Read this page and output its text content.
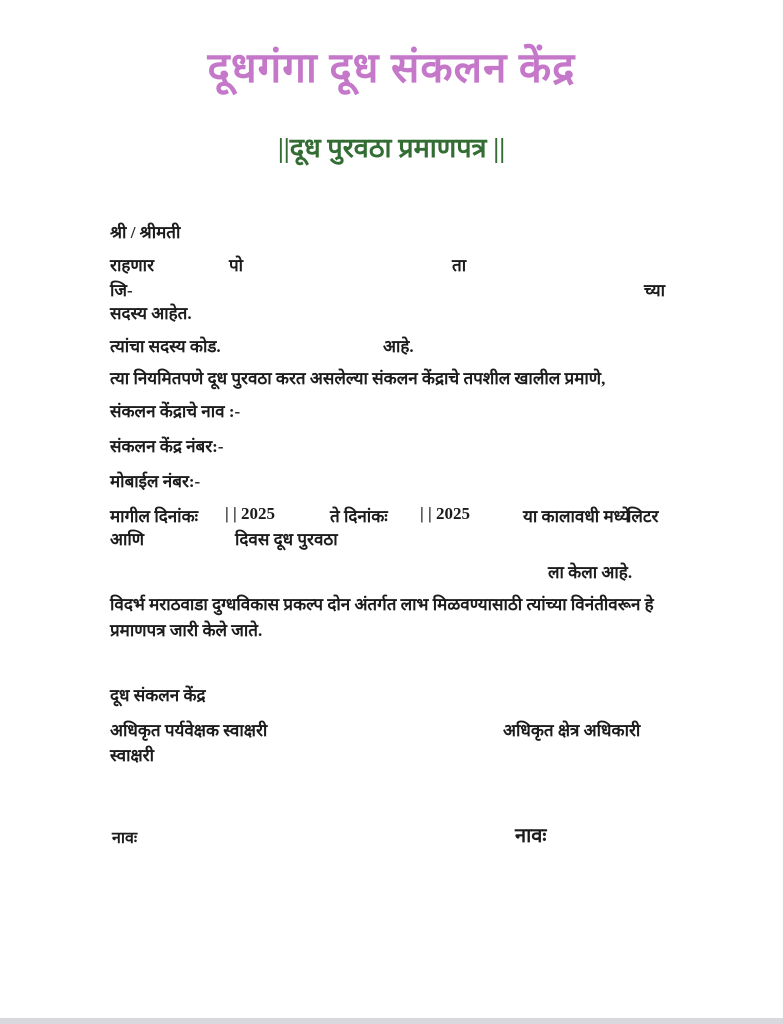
दूधगंगा दूध संकलन केंद्र
||दूध पुरवठा प्रमाणपत्र ||
श्री / श्रीमती
राहणार	पो	ता
जि-	च्या
सदस्य आहेत.
त्यांचा सदस्य कोड.	आहे.
त्या नियमितपणे दूध पुरवठा करत असलेल्या संकलन केंद्राचे तपशील खालील प्रमाणे,
संकलन केंद्राचे नाव :-
संकलन केंद्र नंबर:-
मोबाईल नंबर:-
मागील दिनांकः | | 2025	ते दिनांकः | | 2025	या कालावधी मध्ये
लिटर
आणि	दिवस दूध पुरवठा
ला केला आहे.
विदर्भ मराठवाडा दुग्धविकास प्रकल्प दोन अंतर्गत लाभ मिळवण्यासाठी त्यांच्या विनंतीवरून हे प्रमाणपत्र जारी केले जाते.
दूध संकलन केंद्र
अधिकृत पर्यवेक्षक स्वाक्षरी	अधिकृत क्षेत्र अधिकारी
स्वाक्षरी
नावः	नावः
